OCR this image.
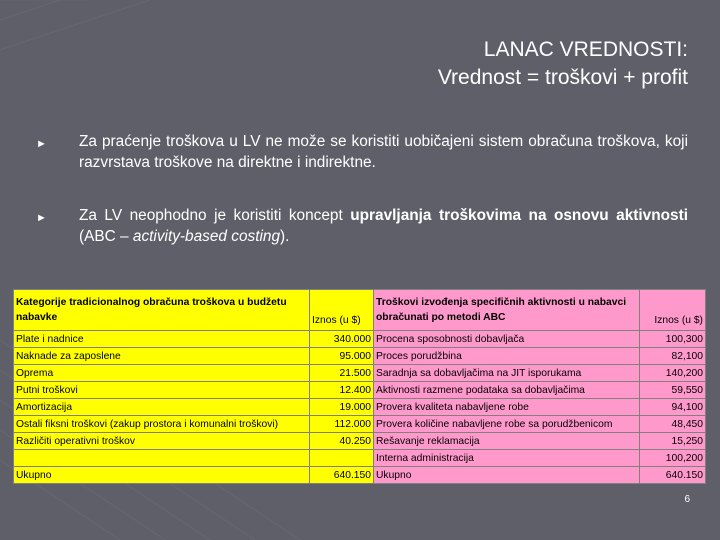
LANAC VREDNOSTI:
Vrednost = troškovi + profit
► Za praćenje troškova u LV ne može se koristiti uobičajeni sistem obračuna troškova, koji razvrstava troškove na direktne i indirektne.
► Za LV neophodno je koristiti koncept upravljanja troškovima na osnovu aktivnosti (ABC – activity-based costing).
Kategorije tradicionalnog obračuna troškova u budžetu nabavke	Iznos (u $)	Troškovi izvođenja specifičnih aktivnosti u nabavci obračunati po metodi ABC	Iznos (u $)
Plate i nadnice	340.000	Procena sposobnosti dobavljača	100,300
Naknade za zaposlene	95.000	Proces porudžbina	82,100
Oprema	21.500	Saradnja sa dobavljačima na JIT isporukama	140,200
Putni troškovi	12.400	Aktivnosti razmene podataka sa dobavljačima	59,550
Amortizacija	19.000	Provera kvaliteta nabavljene robe	94,100
Ostali fiksni troškovi (zakup prostora i komunalni troškovi)	112.000	Provera količine nabavljene robe sa porudžbenicom	48,450
Različiti operativni troškov	40.250	Rešavanje reklamacija	15,250
		Interna administracija	100,200
Ukupno	640.150	Ukupno	640.150
6
